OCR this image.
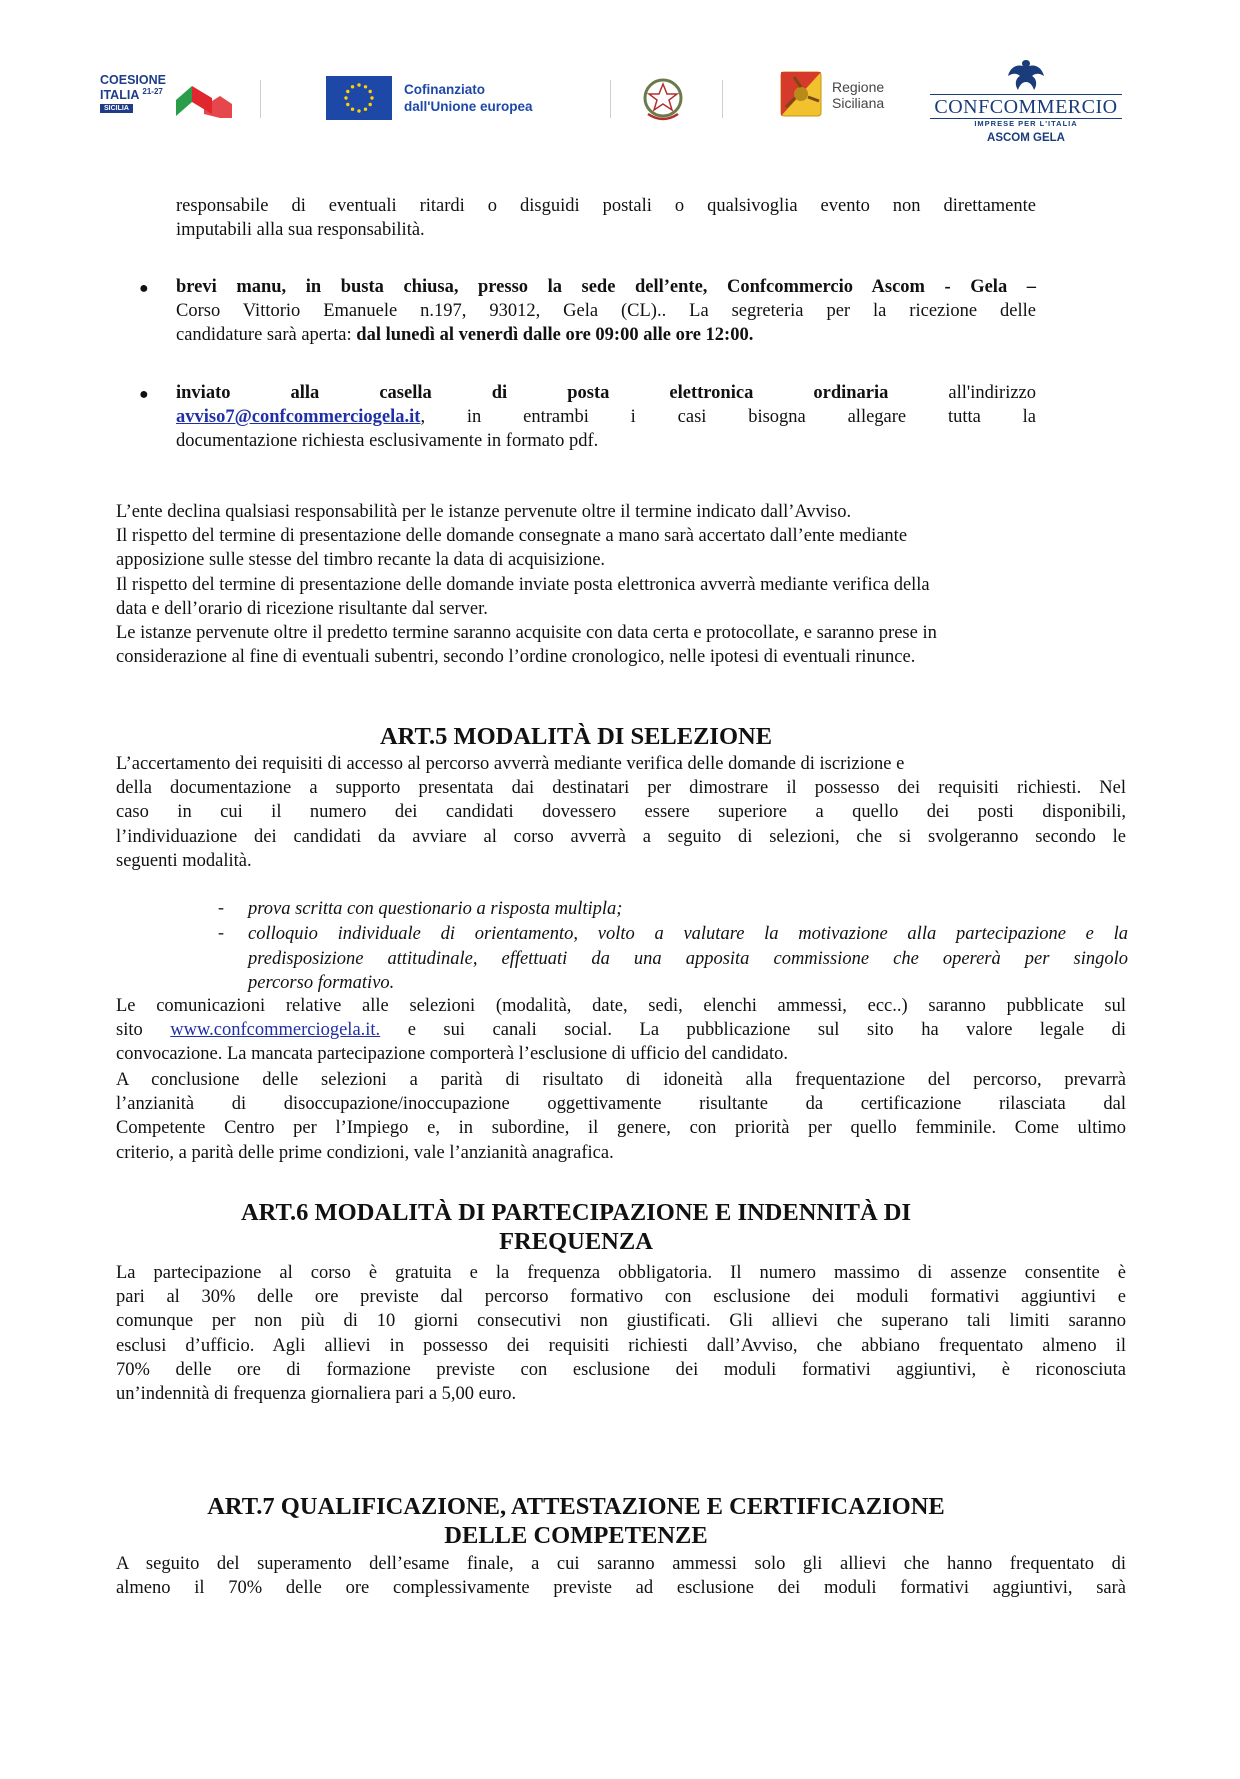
COESIONE
ITALIA $^{21-27}$
SICILIA
Cofinanziato
dall'Unione europea
Regione
Siciliana	CONFCOMMERCIO
IMPRESE PER L'ITALIA
ASCOM GELA
responsabile di eventuali ritardi o disguidi postali o qualsivoglia evento non direttamente
imputabili alla sua responsabilità.
● brevi manu, in busta chiusa, presso la sede dell’ente, Confcommercio Ascom - Gela –
Corso Vittorio Emanuele n.197, 93012, Gela (CL).. La segreteria per la ricezione delle
candidature sarà aperta: dal lunedì al venerdì dalle ore 09:00 alle ore 12:00.
● inviato alla casella di posta elettronica ordinaria all'indirizzo
avviso7@confcommerciogela.it, in entrambi i casi bisogna allegare tutta la
documentazione richiesta esclusivamente in formato pdf.
L’ente declina qualsiasi responsabilità per le istanze pervenute oltre il termine indicato dall’Avviso.
Il rispetto del termine di presentazione delle domande consegnate a mano sarà accertato dall’ente mediante
apposizione sulle stesse del timbro recante la data di acquisizione.
Il rispetto del termine di presentazione delle domande inviate posta elettronica avverrà mediante verifica della
data e dell’orario di ricezione risultante dal server.
Le istanze pervenute oltre il predetto termine saranno acquisite con data certa e protocollate, e saranno prese in
considerazione al fine di eventuali subentri, secondo l’ordine cronologico, nelle ipotesi di eventuali rinunce.
ART.5 MODALITÀ DI SELEZIONE
L’accertamento dei requisiti di accesso al percorso avverrà mediante verifica delle domande di iscrizione e
della documentazione a supporto presentata dai destinatari per dimostrare il possesso dei requisiti richiesti. Nel
caso in cui il numero dei candidati dovessero essere superiore a quello dei posti disponibili,
l’individuazione dei candidati da avviare al corso avverrà a seguito di selezioni, che si svolgeranno secondo le
seguenti modalità.
- prova scritta con questionario a risposta multipla;
- colloquio individuale di orientamento, volto a valutare la motivazione alla partecipazione e la
predisposizione attitudinale, effettuati da una apposita commissione che opererà per singolo
percorso formativo.
Le comunicazioni relative alle selezioni (modalità, date, sedi, elenchi ammessi, ecc..) saranno pubblicate sul
sito www.confcommerciogela.it. e sui canali social. La pubblicazione sul sito ha valore legale di
convocazione. La mancata partecipazione comporterà l’esclusione di ufficio del candidato.
A conclusione delle selezioni a parità di risultato di idoneità alla frequentazione del percorso, prevarrà
l’anzianità di disoccupazione/inoccupazione oggettivamente risultante da certificazione rilasciata dal
Competente Centro per l’Impiego e, in subordine, il genere, con priorità per quello femminile. Come ultimo
criterio, a parità delle prime condizioni, vale l’anzianità anagrafica.
ART.6 MODALITÀ DI PARTECIPAZIONE E INDENNITÀ DI
FREQUENZA
La partecipazione al corso è gratuita e la frequenza obbligatoria. Il numero massimo di assenze consentite è
pari al 30% delle ore previste dal percorso formativo con esclusione dei moduli formativi aggiuntivi e
comunque per non più di 10 giorni consecutivi non giustificati. Gli allievi che superano tali limiti saranno
esclusi d’ufficio. Agli allievi in possesso dei requisiti richiesti dall’Avviso, che abbiano frequentato almeno il
70% delle ore di formazione previste con esclusione dei moduli formativi aggiuntivi, è riconosciuta
un’indennità di frequenza giornaliera pari a 5,00 euro.
ART.7 QUALIFICAZIONE, ATTESTAZIONE E CERTIFICAZIONE
DELLE COMPETENZE
A seguito del superamento dell’esame finale, a cui saranno ammessi solo gli allievi che hanno frequentato di
almeno il 70% delle ore complessivamente previste ad esclusione dei moduli formativi aggiuntivi, sarà
